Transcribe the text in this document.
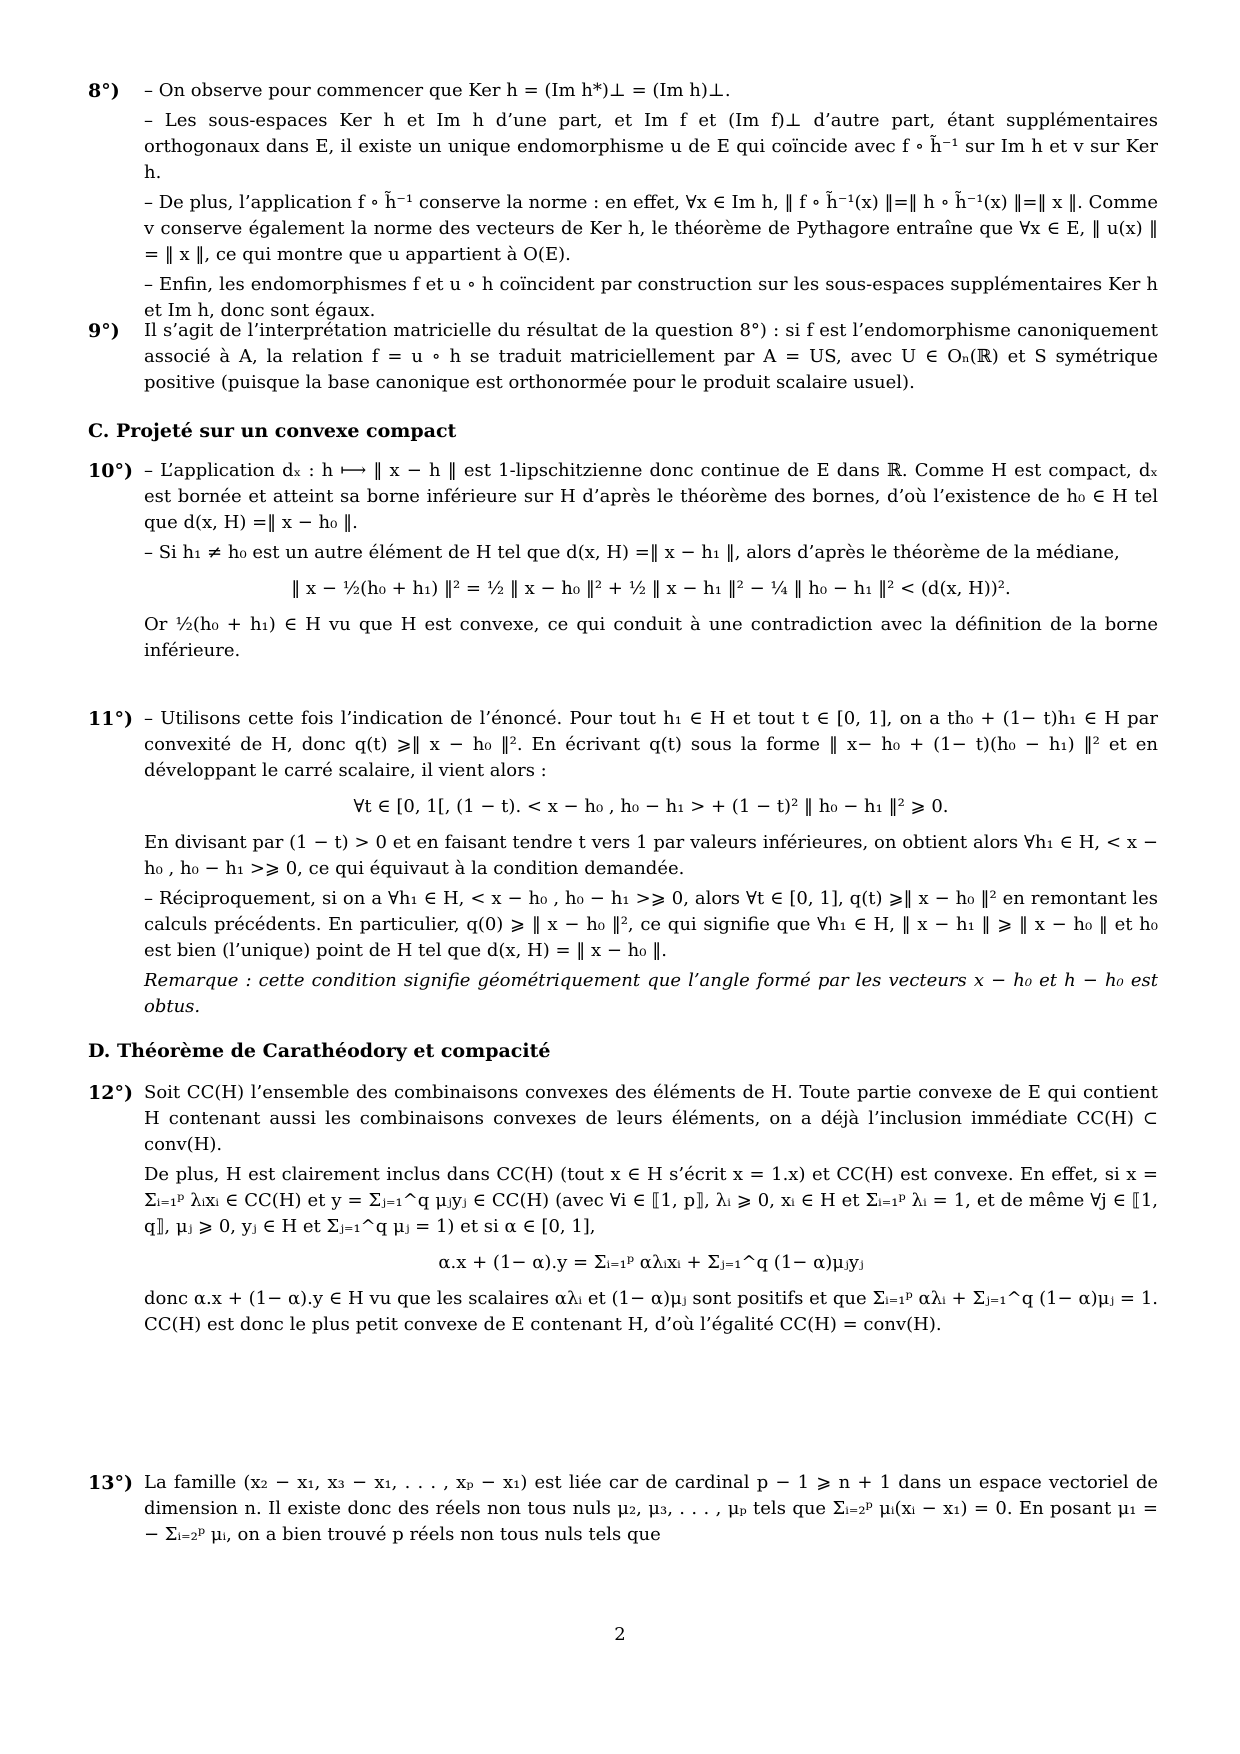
8°) – On observe pour commencer que Ker h = (Im h*)⊥ = (Im h)⊥.

– Les sous-espaces Ker h et Im h d’une part, et Im f et (Im f)⊥ d’autre part, étant supplémentaires orthogonaux dans E, il existe un unique endomorphisme u de E qui coïncide avec f ∘ h̃⁻¹ sur Im h et v sur Ker h.

– De plus, l’application f ∘ h̃⁻¹ conserve la norme : en effet, ∀x ∈ Im h, ‖ f ∘ h̃⁻¹(x) ‖=‖ h ∘ h̃⁻¹(x) ‖=‖ x ‖. Comme v conserve également la norme des vecteurs de Ker h, le théorème de Pythagore entraîne que ∀x ∈ E, ‖ u(x) ‖ = ‖ x ‖, ce qui montre que u appartient à O(E).

– Enfin, les endomorphismes f et u ∘ h coïncident par construction sur les sous-espaces supplémentaires Ker h et Im h, donc sont égaux.

9°) Il s’agit de l’interprétation matricielle du résultat de la question 8°) : si f est l’endomorphisme canoniquement associé à A, la relation f = u ∘ h se traduit matriciellement par A = US, avec U ∈ Oₙ(ℝ) et S symétrique positive (puisque la base canonique est orthonormée pour le produit scalaire usuel).

C. Projeté sur un convexe compact
10°) – L’application dₓ : h ⟼ ‖ x − h ‖ est 1-lipschitzienne donc continue de E dans ℝ. Comme H est compact, dₓ est bornée et atteint sa borne inférieure sur H d’après le théorème des bornes, d’où l’existence de h₀ ∈ H tel que d(x, H) =‖ x − h₀ ‖.

– Si h₁ ≠ h₀ est un autre élément de H tel que d(x, H) =‖ x − h₁ ‖, alors d’après le théorème de la médiane,

‖ x − ½(h₀ + h₁) ‖² = ½ ‖ x − h₀ ‖² + ½ ‖ x − h₁ ‖² − ¼ ‖ h₀ − h₁ ‖² < (d(x, H))².

Or ½(h₀ + h₁) ∈ H vu que H est convexe, ce qui conduit à une contradiction avec la définition de la borne inférieure.

11°) – Utilisons cette fois l’indication de l’énoncé. Pour tout h₁ ∈ H et tout t ∈ [0, 1], on a th₀ + (1− t)h₁ ∈ H par convexité de H, donc q(t) ⩾‖ x − h₀ ‖². En écrivant q(t) sous la forme ‖ x− h₀ + (1− t)(h₀ − h₁) ‖² et en développant le carré scalaire, il vient alors :

∀t ∈ [0, 1[, (1 − t). < x − h₀ , h₀ − h₁ > + (1 − t)² ‖ h₀ − h₁ ‖² ⩾ 0.

En divisant par (1 − t) > 0 et en faisant tendre t vers 1 par valeurs inférieures, on obtient alors ∀h₁ ∈ H, < x − h₀ , h₀ − h₁ >⩾ 0, ce qui équivaut à la condition demandée.

– Réciproquement, si on a ∀h₁ ∈ H, < x − h₀ , h₀ − h₁ >⩾ 0, alors ∀t ∈ [0, 1], q(t) ⩾‖ x − h₀ ‖² en remontant les calculs précédents. En particulier, q(0) ⩾ ‖ x − h₀ ‖², ce qui signifie que ∀h₁ ∈ H, ‖ x − h₁ ‖ ⩾ ‖ x − h₀ ‖ et h₀ est bien (l’unique) point de H tel que d(x, H) = ‖ x − h₀ ‖.

Remarque : cette condition signifie géométriquement que l’angle formé par les vecteurs x − h₀ et h − h₀ est obtus.

D. Théorème de Carathéodory et compacité
12°) Soit CC(H) l’ensemble des combinaisons convexes des éléments de H. Toute partie convexe de E qui contient H contenant aussi les combinaisons convexes de leurs éléments, on a déjà l’inclusion immédiate CC(H) ⊂ conv(H).

De plus, H est clairement inclus dans CC(H) (tout x ∈ H s’écrit x = 1.x) et CC(H) est convexe. En effet, si x = Σᵢ₌₁ᵖ λᵢxᵢ ∈ CC(H) et y = Σⱼ₌₁^q μⱼyⱼ ∈ CC(H) (avec ∀i ∈ ⟦1, p⟧, λᵢ ⩾ 0, xᵢ ∈ H et Σᵢ₌₁ᵖ λᵢ = 1, et de même ∀j ∈ ⟦1, q⟧, μⱼ ⩾ 0, yⱼ ∈ H et Σⱼ₌₁^q μⱼ = 1) et si α ∈ [0, 1],

α.x + (1− α).y = Σᵢ₌₁ᵖ αλᵢxᵢ + Σⱼ₌₁^q (1− α)μⱼyⱼ

donc α.x + (1− α).y ∈ H vu que les scalaires αλᵢ et (1− α)μⱼ sont positifs et que Σᵢ₌₁ᵖ αλᵢ + Σⱼ₌₁^q (1− α)μⱼ = 1. CC(H) est donc le plus petit convexe de E contenant H, d’où l’égalité CC(H) = conv(H).

13°) La famille (x₂ − x₁, x₃ − x₁, . . . , xₚ − x₁) est liée car de cardinal p − 1 ⩾ n + 1 dans un espace vectoriel de dimension n. Il existe donc des réels non tous nuls μ₂, μ₃, . . . , μₚ tels que Σᵢ₌₂ᵖ μᵢ(xᵢ − x₁) = 0. En posant μ₁ = − Σᵢ₌₂ᵖ μᵢ, on a bien trouvé p réels non tous nuls tels que

2
